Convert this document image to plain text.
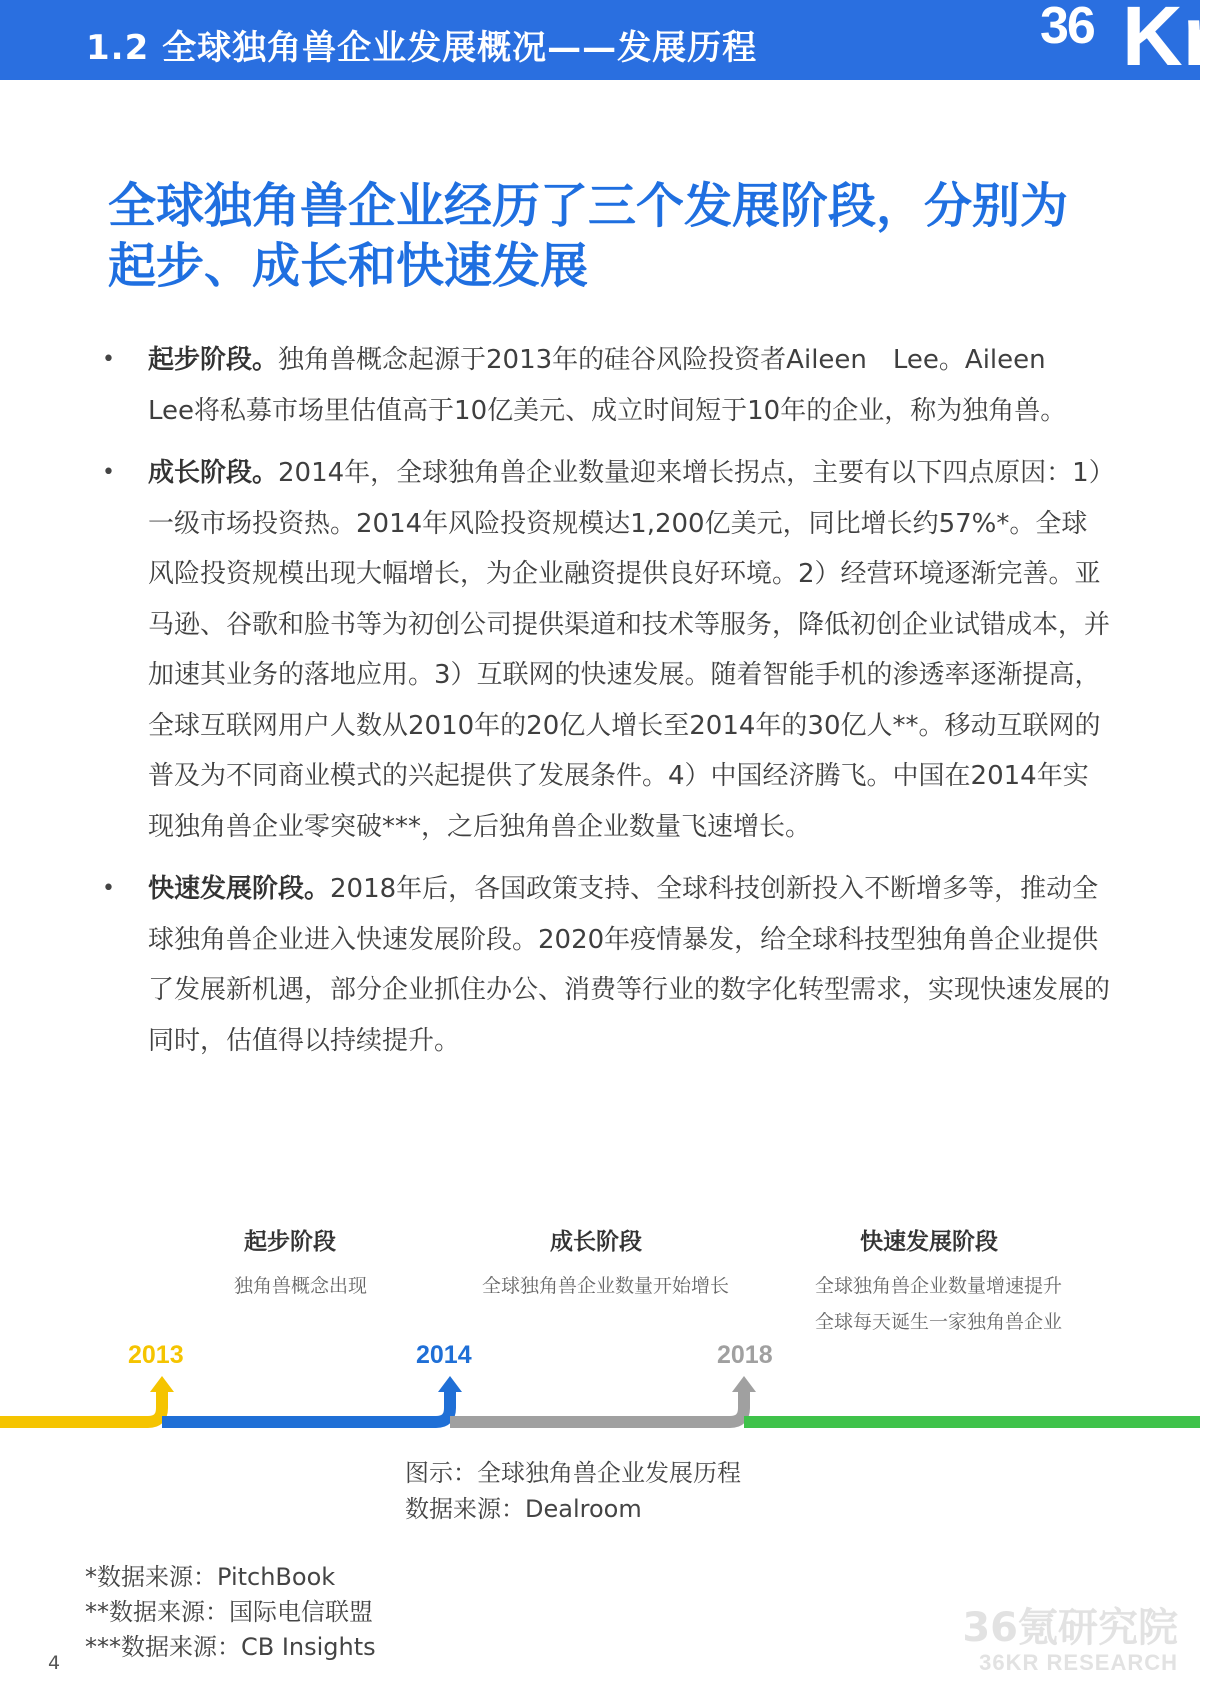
1.2 全球独角兽企业发展概况——发展历程	36 Kr
全球独角兽企业经历了三个发展阶段，分别为
起步、成长和快速发展
• 起步阶段。独角兽概念起源于2013年的硅谷风险投资者Aileen　Lee。Aileen　Lee将私募市场里估值高于10亿美元、成立时间短于10年的企业，称为独角兽。
• 成长阶段。2014年，全球独角兽企业数量迎来增长拐点，主要有以下四点原因：1）一级市场投资热。2014年风险投资规模达1,200亿美元，同比增长约57%*。全球风险投资规模出现大幅增长，为企业融资提供良好环境。2）经营环境逐渐完善。亚马逊、谷歌和脸书等为初创公司提供渠道和技术等服务，降低初创企业试错成本，并加速其业务的落地应用。3）互联网的快速发展。随着智能手机的渗透率逐渐提高，全球互联网用户人数从2010年的20亿人增长至2014年的30亿人**。移动互联网的普及为不同商业模式的兴起提供了发展条件。4）中国经济腾飞。中国在2014年实现独角兽企业零突破***，之后独角兽企业数量飞速增长。
• 快速发展阶段。2018年后，各国政策支持、全球科技创新投入不断增多等，推动全球独角兽企业进入快速发展阶段。2020年疫情暴发，给全球科技型独角兽企业提供了发展新机遇，部分企业抓住办公、消费等行业的数字化转型需求，实现快速发展的同时，估值得以持续提升。
起步阶段
独角兽概念出现
2013
成长阶段
全球独角兽企业数量开始增长
2014
快速发展阶段
全球独角兽企业数量增速提升
全球每天诞生一家独角兽企业
2018
图示：全球独角兽企业发展历程
数据来源：Dealroom
*数据来源：PitchBook
**数据来源：国际电信联盟
***数据来源：CB Insights
4
36氪研究院
36KR RESEARCH
